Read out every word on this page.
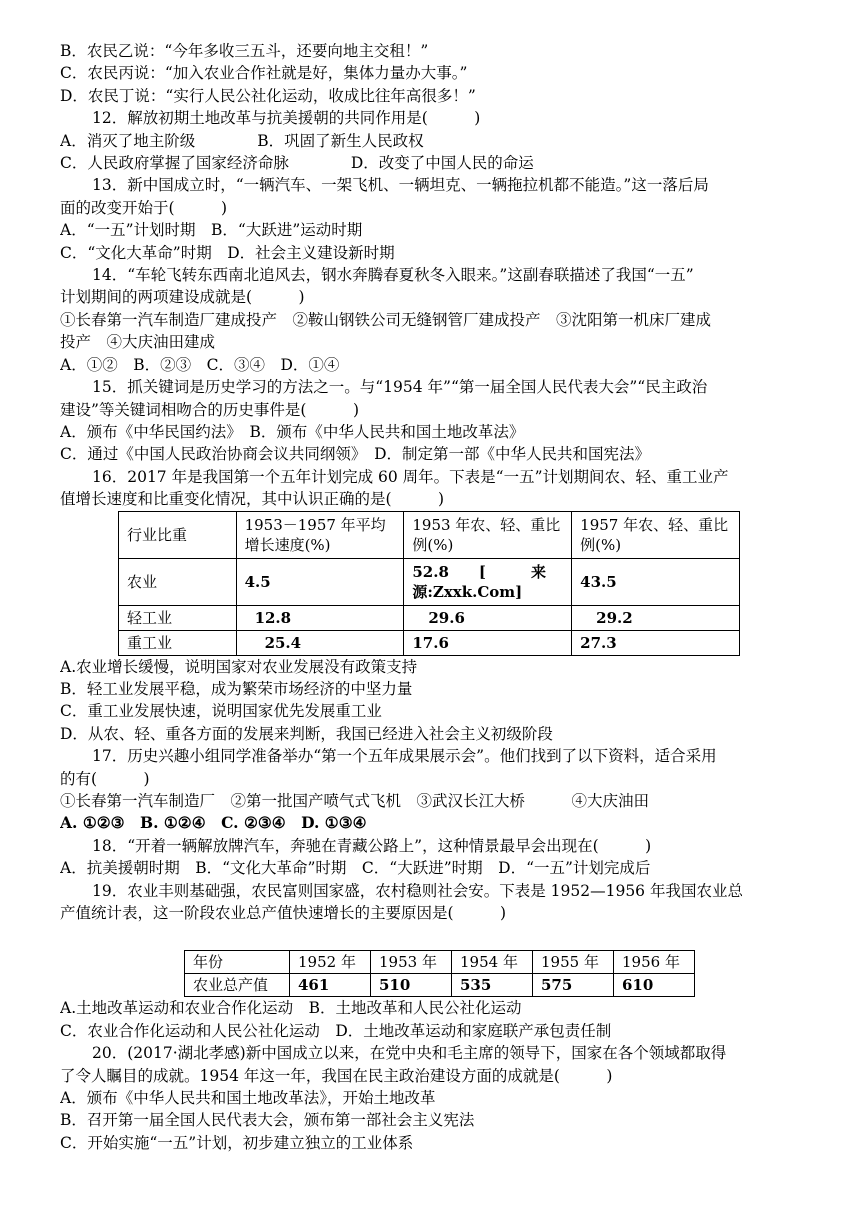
B．农民乙说：“今年多收三五斗，还要向地主交租！”
C．农民丙说：“加入农业合作社就是好，集体力量办大事。”
D．农民丁说：“实行人民公社化运动，收成比往年高很多！”
12．解放初期土地改革与抗美援朝的共同作用是(　　　)
A．消灭了地主阶级　　　　B．巩固了新生人民政权
C．人民政府掌握了国家经济命脉　　　　D．改变了中国人民的命运
13．新中国成立时，“一辆汽车、一架飞机、一辆坦克、一辆拖拉机都不能造。”这一落后局
面的改变开始于(　　　)
A．“一五”计划时期　B．“大跃进”运动时期
C．“文化大革命”时期　D．社会主义建设新时期
14．“车轮飞转东西南北追风去，钢水奔腾春夏秋冬入眼来。”这副春联描述了我国“一五”
计划期间的两项建设成就是(　　　)
①长春第一汽车制造厂建成投产　②鞍山钢铁公司无缝钢管厂建成投产　③沈阳第一机床厂建成
投产　④大庆油田建成
A．①②　B．②③　C．③④　D．①④
15．抓关键词是历史学习的方法之一。与“1954 年”“第一届全国人民代表大会”“民主政治
建设”等关键词相吻合的历史事件是(　　　)
A．颁布《中华民国约法》　B．颁布《中华人民共和国土地改革法》
C．通过《中国人民政治协商会议共同纲领》　D．制定第一部《中华人民共和国宪法》
16．2017 年是我国第一个五年计划完成 60 周年。下表是“一五”计划期间农、轻、重工业产
值增长速度和比重变化情况，其中认识正确的是(　　　)
行业比重	1953－1957 年平均增长速度(%)	1953 年农、轻、重比例(%)	1957 年农、轻、重比例(%)
农业	4.5	52.8　　[　　　来源:Zxxk.Com]	43.5
轻工业	12.8	29.6	29.2
重工业	25.4	17.6	27.3
A.农业增长缓慢，说明国家对农业发展没有政策支持
B．轻工业发展平稳，成为繁荣市场经济的中坚力量
C．重工业发展快速，说明国家优先发展重工业
D．从农、轻、重各方面的发展来判断，我国已经进入社会主义初级阶段
17．历史兴趣小组同学准备举办“第一个五年成果展示会”。他们找到了以下资料，适合采用
的有(　　　)
①长春第一汽车制造厂　②第一批国产喷气式飞机　③武汉长江大桥　　　④大庆油田
A. ①②③　B. ①②④　C. ②③④　D. ①③④
18．“开着一辆解放牌汽车，奔驰在青藏公路上”，这种情景最早会出现在(　　　)
A．抗美援朝时期　B．“文化大革命”时期　C．“大跃进”时期　D．“一五”计划完成后
19．农业丰则基础强，农民富则国家盛，农村稳则社会安。下表是 1952—1956 年我国农业总
产值统计表，这一阶段农业总产值快速增长的主要原因是(　　　)
年份	1952 年	1953 年	1954 年	1955 年	1956 年
农业总产值	461	510	535	575	610
A.土地改革运动和农业合作化运动　B．土地改革和人民公社化运动
C．农业合作化运动和人民公社化运动　D．土地改革运动和家庭联产承包责任制
20．(2017·湖北孝感)新中国成立以来，在党中央和毛主席的领导下，国家在各个领域都取得
了令人瞩目的成就。1954 年这一年，我国在民主政治建设方面的成就是(　　　)
A．颁布《中华人民共和国土地改革法》，开始土地改革
B．召开第一届全国人民代表大会，颁布第一部社会主义宪法
C．开始实施“一五”计划，初步建立独立的工业体系
